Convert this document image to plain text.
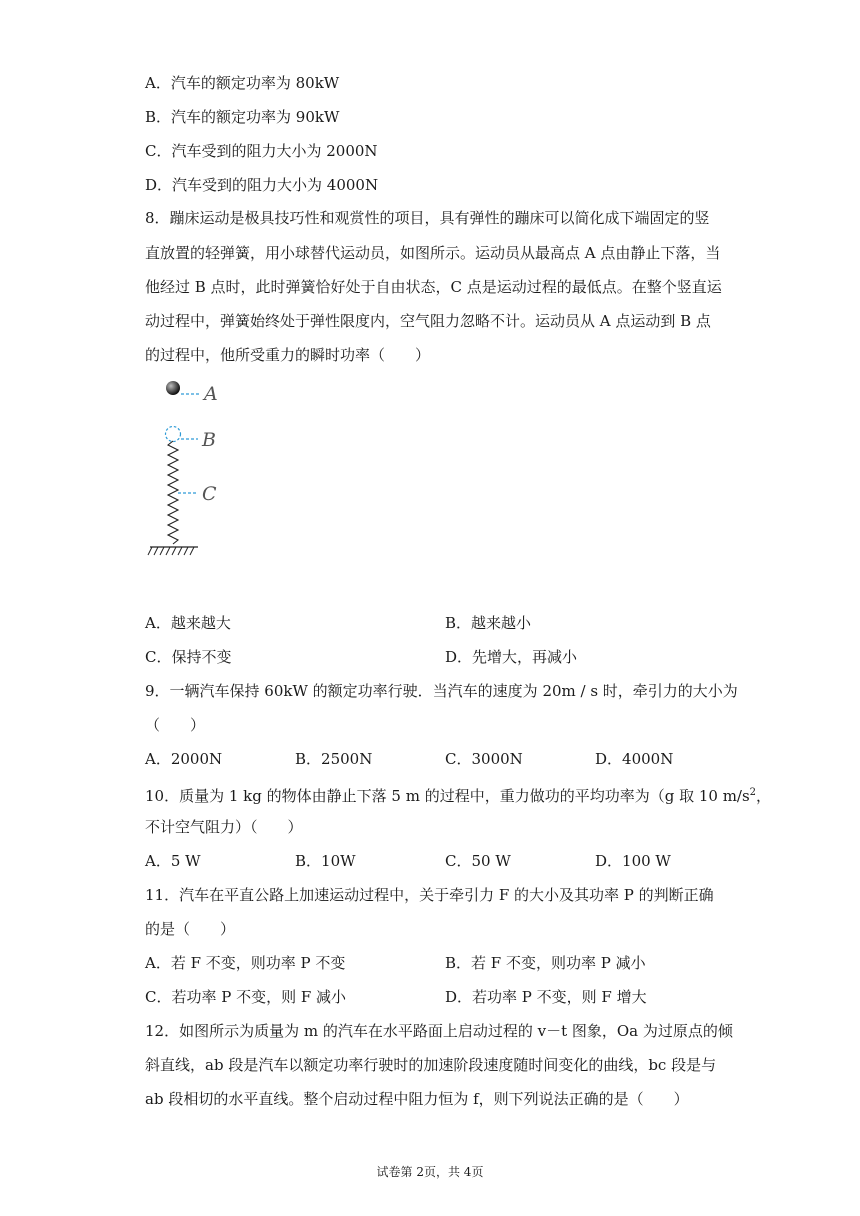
A．汽车的额定功率为 80kW
B．汽车的额定功率为 90kW
C．汽车受到的阻力大小为 2000N
D．汽车受到的阻力大小为 4000N
8．蹦床运动是极具技巧性和观赏性的项目，具有弹性的蹦床可以简化成下端固定的竖
直放置的轻弹簧，用小球替代运动员，如图所示。运动员从最高点 A 点由静止下落，当
他经过 B 点时，此时弹簧恰好处于自由状态，C 点是运动过程的最低点。在整个竖直运
动过程中，弹簧始终处于弹性限度内，空气阻力忽略不计。运动员从 A 点运动到 B 点
的过程中，他所受重力的瞬时功率（　　）
A
B
C
A．越来越大	B．越来越小
C．保持不变	D．先增大，再减小
9．一辆汽车保持 60kW 的额定功率行驶．当汽车的速度为 20m / s 时，牵引力的大小为
（　　）
A．2000N	B．2500N	C．3000N	D．4000N
10．质量为 1 kg 的物体由静止下落 5 m 的过程中，重力做功的平均功率为（g 取 10 $m/s^2$，
不计空气阻力）（　　）
A．5 W	B．10W	C．50 W	D．100 W
11．汽车在平直公路上加速运动过程中，关于牵引力 F 的大小及其功率 P 的判断正确
的是（　　）
A．若 F 不变，则功率 P 不变	B．若 F 不变，则功率 P 减小
C．若功率 P 不变，则 F 减小	D．若功率 P 不变，则 F 增大
12．如图所示为质量为 m 的汽车在水平路面上启动过程的 v－t 图象，Oa 为过原点的倾
斜直线，ab 段是汽车以额定功率行驶时的加速阶段速度随时间变化的曲线，bc 段是与
ab 段相切的水平直线。整个启动过程中阻力恒为 f，则下列说法正确的是（　　）
试卷第 2页，共 4页
